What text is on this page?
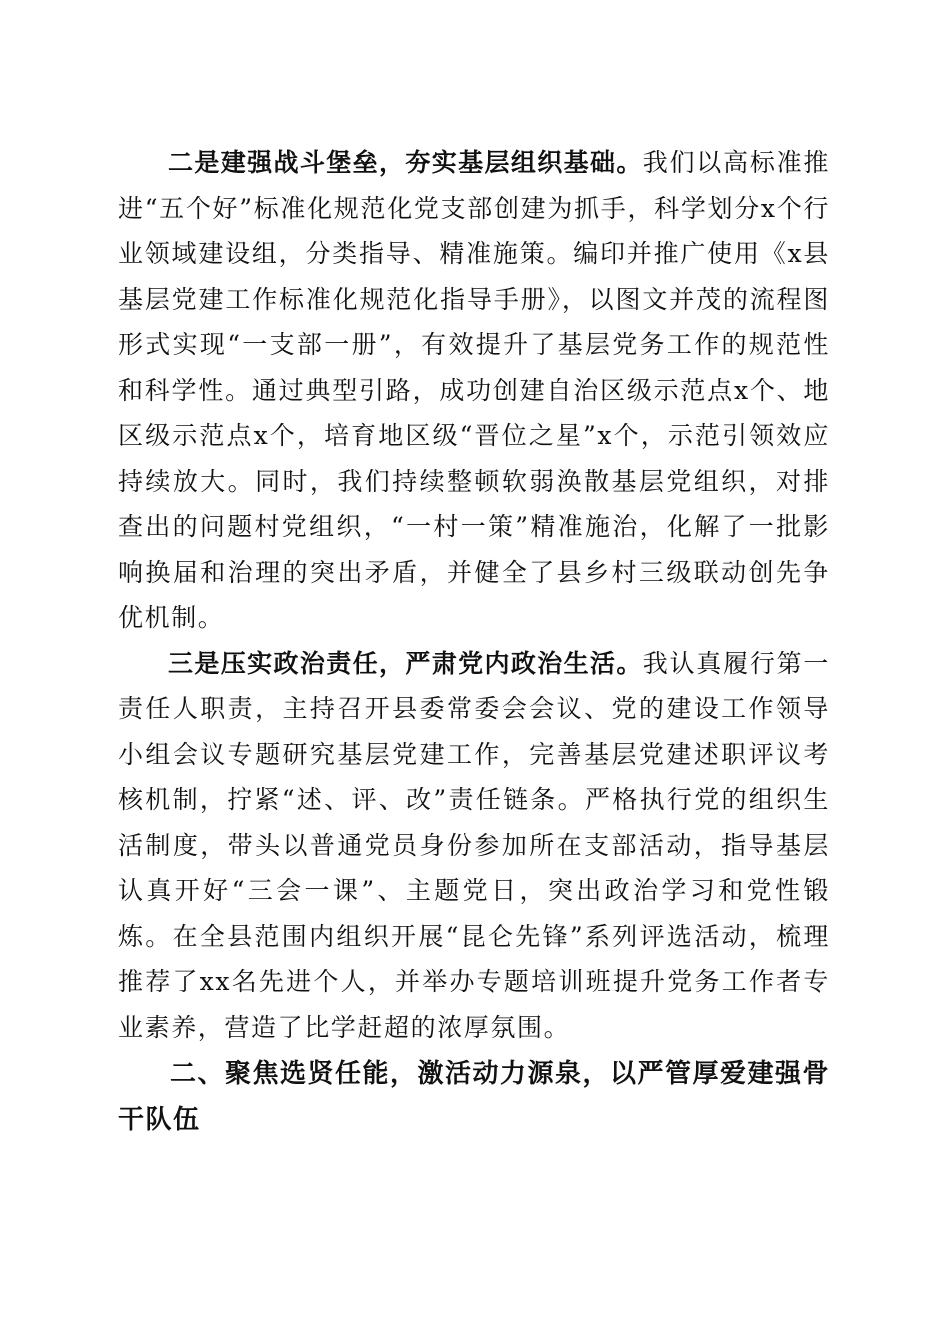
二是建强战斗堡垒，夯实基层组织基础。我们以高标准推进“五个好”标准化规范化党支部创建为抓手，科学划分x个行业领域建设组，分类指导、精准施策。编印并推广使用《x县基层党建工作标准化规范化指导手册》，以图文并茂的流程图形式实现“一支部一册”，有效提升了基层党务工作的规范性和科学性。通过典型引路，成功创建自治区级示范点x个、地区级示范点x个，培育地区级“晋位之星”x个，示范引领效应持续放大。同时，我们持续整顿软弱涣散基层党组织，对排查出的问题村党组织，“一村一策”精准施治，化解了一批影响换届和治理的突出矛盾，并健全了县乡村三级联动创先争优机制。

三是压实政治责任，严肃党内政治生活。我认真履行第一责任人职责，主持召开县委常委会会议、党的建设工作领导小组会议专题研究基层党建工作，完善基层党建述职评议考核机制，拧紧“述、评、改”责任链条。严格执行党的组织生活制度，带头以普通党员身份参加所在支部活动，指导基层认真开好“三会一课”、主题党日，突出政治学习和党性锻炼。在全县范围内组织开展“昆仑先锋”系列评选活动，梳理推荐了xx名先进个人，并举办专题培训班提升党务工作者专业素养，营造了比学赶超的浓厚氛围。

二、聚焦选贤任能，激活动力源泉，以严管厚爱建强骨干队伍
